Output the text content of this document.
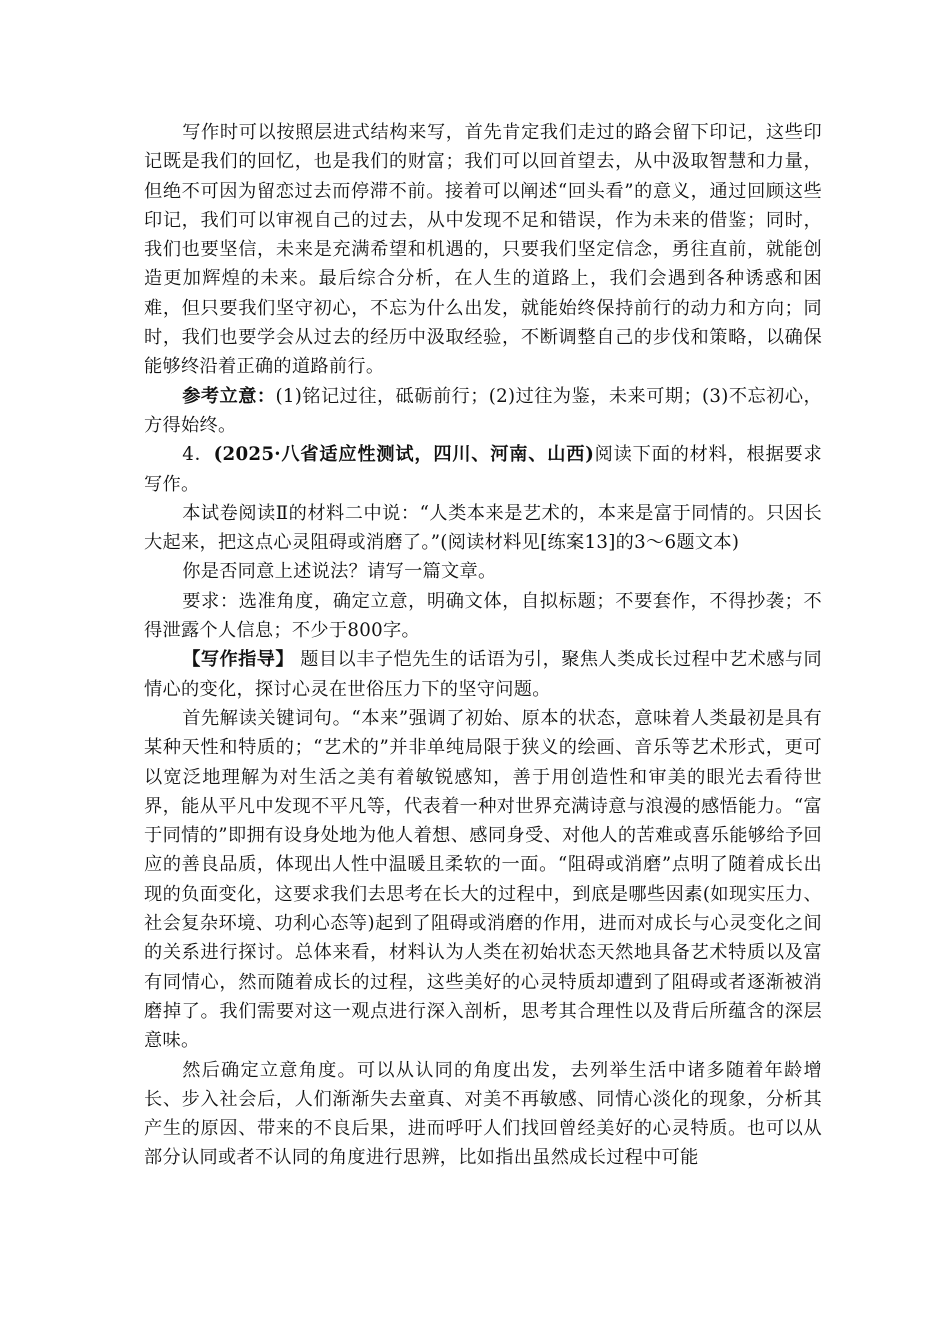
写作时可以按照层进式结构来写，首先肯定我们走过的路会留下印记，这些印记既是我们的回忆，也是我们的财富；我们可以回首望去，从中汲取智慧和力量，但绝不可因为留恋过去而停滞不前。接着可以阐述“回头看”的意义，通过回顾这些印记，我们可以审视自己的过去，从中发现不足和错误，作为未来的借鉴；同时，我们也要坚信，未来是充满希望和机遇的，只要我们坚定信念，勇往直前，就能创造更加辉煌的未来。最后综合分析，在人生的道路上，我们会遇到各种诱惑和困难，但只要我们坚守初心，不忘为什么出发，就能始终保持前行的动力和方向；同时，我们也要学会从过去的经历中汲取经验，不断调整自己的步伐和策略，以确保能够终沿着正确的道路前行。

参考立意：(1)铭记过往，砥砺前行；(2)过往为鉴，未来可期；(3)不忘初心，方得始终。

4．(2025·八省适应性测试，四川、河南、山西)阅读下面的材料，根据要求写作。

本试卷阅读Ⅱ的材料二中说：“人类本来是艺术的，本来是富于同情的。只因长大起来，把这点心灵阻碍或消磨了。”(阅读材料见[练案13]的3～6题文本)

你是否同意上述说法？请写一篇文章。

要求：选准角度，确定立意，明确文体，自拟标题；不要套作，不得抄袭；不得泄露个人信息；不少于800字。

【写作指导】 题目以丰子恺先生的话语为引，聚焦人类成长过程中艺术感与同情心的变化，探讨心灵在世俗压力下的坚守问题。

首先解读关键词句。“本来”强调了初始、原本的状态，意味着人类最初是具有某种天性和特质的；“艺术的”并非单纯局限于狭义的绘画、音乐等艺术形式，更可以宽泛地理解为对生活之美有着敏锐感知，善于用创造性和审美的眼光去看待世界，能从平凡中发现不平凡等，代表着一种对世界充满诗意与浪漫的感悟能力。“富于同情的”即拥有设身处地为他人着想、感同身受、对他人的苦难或喜乐能够给予回应的善良品质，体现出人性中温暖且柔软的一面。“阻碍或消磨”点明了随着成长出现的负面变化，这要求我们去思考在长大的过程中，到底是哪些因素(如现实压力、社会复杂环境、功利心态等)起到了阻碍或消磨的作用，进而对成长与心灵变化之间的关系进行探讨。总体来看，材料认为人类在初始状态天然地具备艺术特质以及富有同情心，然而随着成长的过程，这些美好的心灵特质却遭到了阻碍或者逐渐被消磨掉了。我们需要对这一观点进行深入剖析，思考其合理性以及背后所蕴含的深层意味。

然后确定立意角度。可以从认同的角度出发，去列举生活中诸多随着年龄增长、步入社会后，人们渐渐失去童真、对美不再敏感、同情心淡化的现象，分析其产生的原因、带来的不良后果，进而呼吁人们找回曾经美好的心灵特质。也可以从部分认同或者不认同的角度进行思辨，比如指出虽然成长过程中可能
